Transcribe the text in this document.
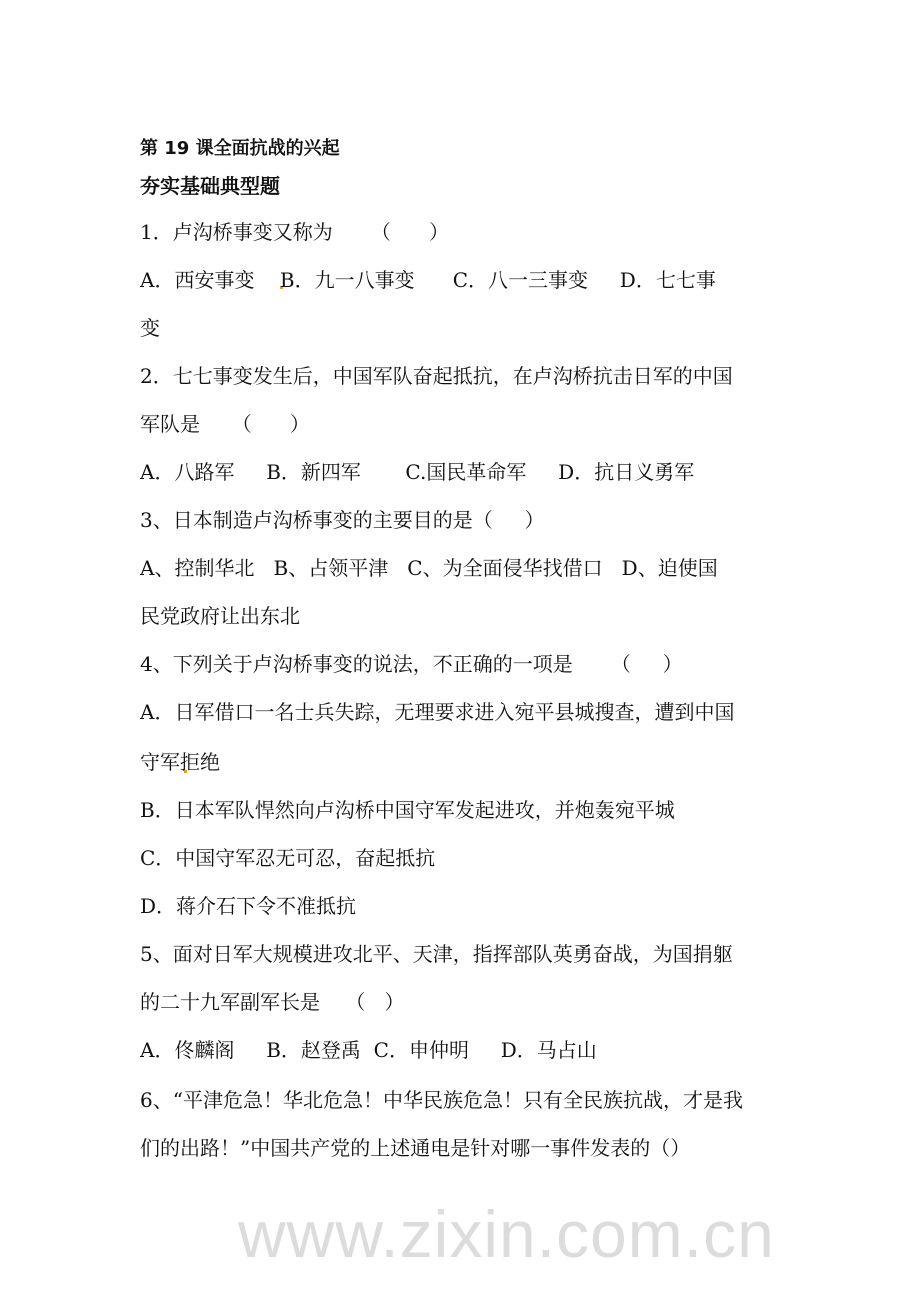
www.zixin.com.cn
第 19 课全面抗战的兴起
夯实基础典型题
1．卢沟桥事变又称为      （      ）
A．西安事变    B．九一八事变      C．八一三事变     D．七七事
变
2．七七事变发生后，中国军队奋起抵抗，在卢沟桥抗击日军的中国
军队是     （      ）
A．八路军     B．新四军       C.国民革命军     D．抗日义勇军
3、日本制造卢沟桥事变的主要目的是（     ）
A、控制华北   B、占领平津   C、为全面侵华找借口   D、迫使国
民党政府让出东北
4、下列关于卢沟桥事变的说法，不正确的一项是      （     ）
A．日军借口一名士兵失踪，无理要求进入宛平县城搜查，遭到中国
守军拒绝
B．日本军队悍然向卢沟桥中国守军发起进攻，并炮轰宛平城
C．中国守军忍无可忍，奋起抵抗
D．蒋介石下令不准抵抗
5、面对日军大规模进攻北平、天津，指挥部队英勇奋战，为国捐躯
的二十九军副军长是    （   ）
A．佟麟阁     B．赵登禹  C．申仲明     D．马占山
6、“平津危急！华北危急！中华民族危急！只有全民族抗战，才是我
们的出路！”中国共产党的上述通电是针对哪一事件发表的（）
